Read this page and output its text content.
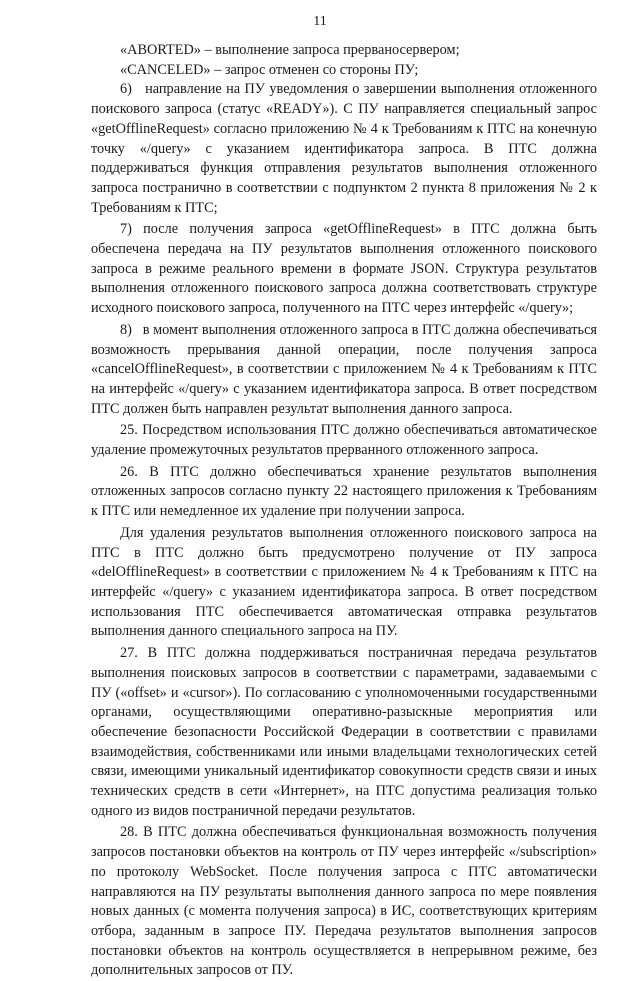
11

«ABORTED» – выполнение запроса прерваносервером;

«CANCELED» – запрос отменен со стороны ПУ;

6)   направление на ПУ уведомления о завершении выполнения отложенного поискового запроса (статус «READY»). С ПУ направляется специальный запрос «getOfflineRequest» согласно приложению № 4 к Требованиям к ПТС на конечную точку «/query» с указанием идентификатора запроса. В ПТС должна поддерживаться функция отправления результатов выполнения отложенного запроса постранично в соответствии с подпунктом 2 пункта 8 приложения № 2 к Требованиям к ПТС;

7) после получения запроса «getOfflineRequest» в ПТС должна быть обеспечена передача на ПУ результатов выполнения отложенного поискового запроса в режиме реального времени в формате JSON. Структура результатов выполнения отложенного поискового запроса должна соответствовать структуре исходного поискового запроса, полученного на ПТС через интерфейс «/query»;

8)   в момент выполнения отложенного запроса в ПТС должна обеспечиваться возможность прерывания данной операции, после получения запроса «cancelOfflineRequest», в соответствии с приложением № 4 к Требованиям к ПТС на интерфейс «/query» с указанием идентификатора запроса. В ответ посредством ПТС должен быть направлен результат выполнения данного запроса.

25. Посредством использования ПТС должно обеспечиваться автоматическое удаление промежуточных результатов прерванного отложенного запроса.

26. В ПТС должно обеспечиваться хранение результатов выполнения отложенных запросов согласно пункту 22 настоящего приложения к Требованиям к ПТС или немедленное их удаление при получении запроса.

Для удаления результатов выполнения отложенного поискового запроса на ПТС в ПТС должно быть предусмотрено получение от ПУ запроса «delOfflineRequest» в соответствии с приложением № 4 к Требованиям к ПТС на интерфейс «/query» с указанием идентификатора запроса. В ответ посредством использования ПТС обеспечивается автоматическая отправка результатов выполнения данного специального запроса на ПУ.

27. В ПТС должна поддерживаться постраничная передача результатов выполнения поисковых запросов в соответствии с параметрами, задаваемыми с ПУ («offset» и «cursor»). По согласованию с уполномоченными государственными органами, осуществляющими оперативно-разыскные мероприятия или обеспечение безопасности Российской Федерации в соответствии с правилами взаимодействия, собственниками или иными владельцами технологических сетей связи, имеющими уникальный идентификатор совокупности средств связи и иных технических средств в сети «Интернет», на ПТС допустима реализация только одного из видов постраничной передачи результатов.

28. В ПТС должна обеспечиваться функциональная возможность получения запросов постановки объектов на контроль от ПУ через интерфейс «/subscription» по протоколу WebSocket. После получения запроса с ПТС автоматически направляются на ПУ результаты выполнения данного запроса по мере появления новых данных (с момента получения запроса) в ИС, соответствующих критериям отбора, заданным в запросе ПУ. Передача результатов выполнения запросов постановки объектов на контроль осуществляется в непрерывном режиме, без дополнительных запросов от ПУ.
